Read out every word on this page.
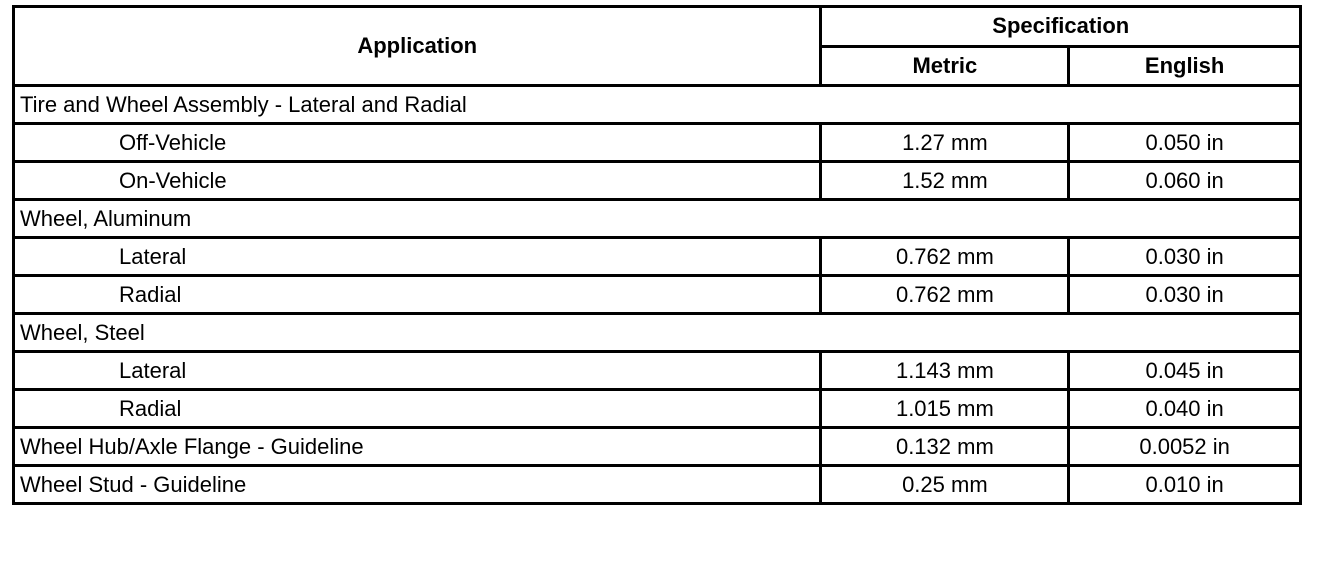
Application	Specification	
	Metric	English
Tire and Wheel Assembly - Lateral and Radial		
Off-Vehicle	1.27 mm	0.050 in
On-Vehicle	1.52 mm	0.060 in
Wheel, Aluminum		
Lateral	0.762 mm	0.030 in
Radial	0.762 mm	0.030 in
Wheel, Steel		
Lateral	1.143 mm	0.045 in
Radial	1.015 mm	0.040 in
Wheel Hub/Axle Flange - Guideline	0.132 mm	0.0052 in
Wheel Stud - Guideline	0.25 mm	0.010 in
